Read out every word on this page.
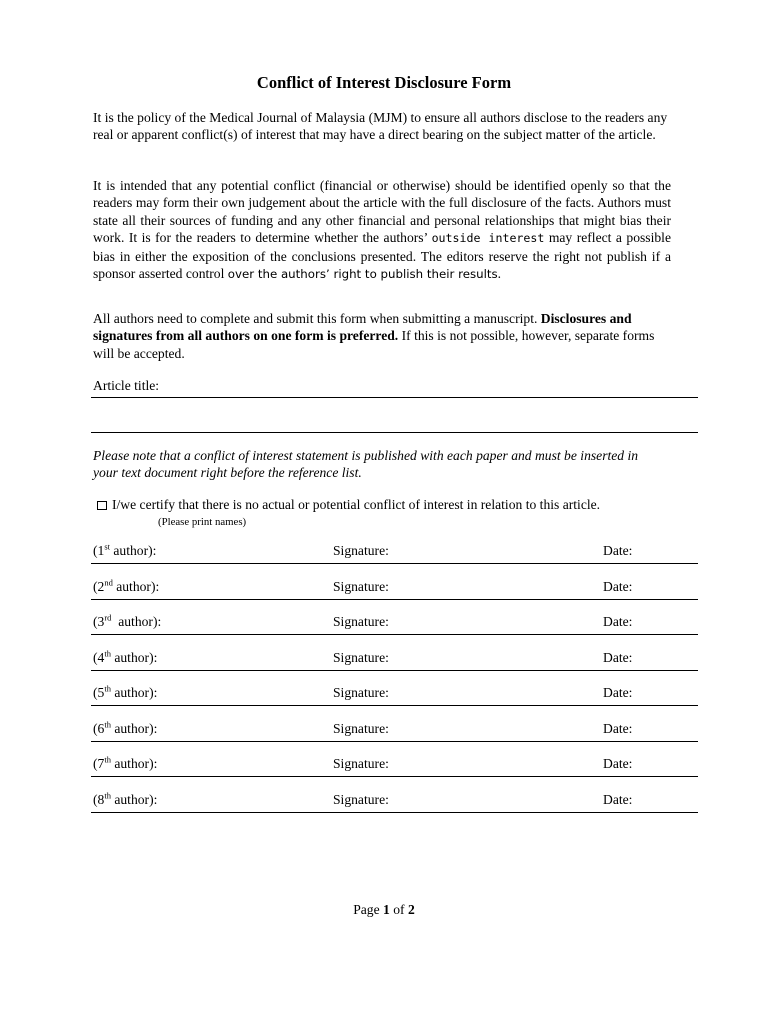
Conflict of Interest Disclosure Form

It is the policy of the Medical Journal of Malaysia (MJM) to ensure all authors disclose to the readers any real or apparent conflict(s) of interest that may have a direct bearing on the subject matter of the article.

It is intended that any potential conflict (financial or otherwise) should be identified openly so that the readers may form their own judgement about the article with the full disclosure of the facts. Authors must state all their sources of funding and any other financial and personal relationships that might bias their work. It is for the readers to determine whether the authors’ outside interest may reflect a possible bias in either the exposition of the conclusions presented. The editors reserve the right not publish if a sponsor asserted control over the authors’ right to publish their results.

All authors need to complete and submit this form when submitting a manuscript. Disclosures and signatures from all authors on one form is preferred. If this is not possible, however, separate forms will be accepted.

Article title:
Please note that a conflict of interest statement is published with each paper and must be inserted in your text document right before the reference list.
I/we certify that there is no actual or potential conflict of interest in relation to this article.
(Please print names)
(1st author):	Signature:	Date:
(2nd author):	Signature:	Date:
(3rd  author):	Signature:	Date:
(4th author):	Signature:	Date:
(5th author):	Signature:	Date:
(6th author):	Signature:	Date:
(7th author):	Signature:	Date:
(8th author):	Signature:	Date:
Page 1 of 2
